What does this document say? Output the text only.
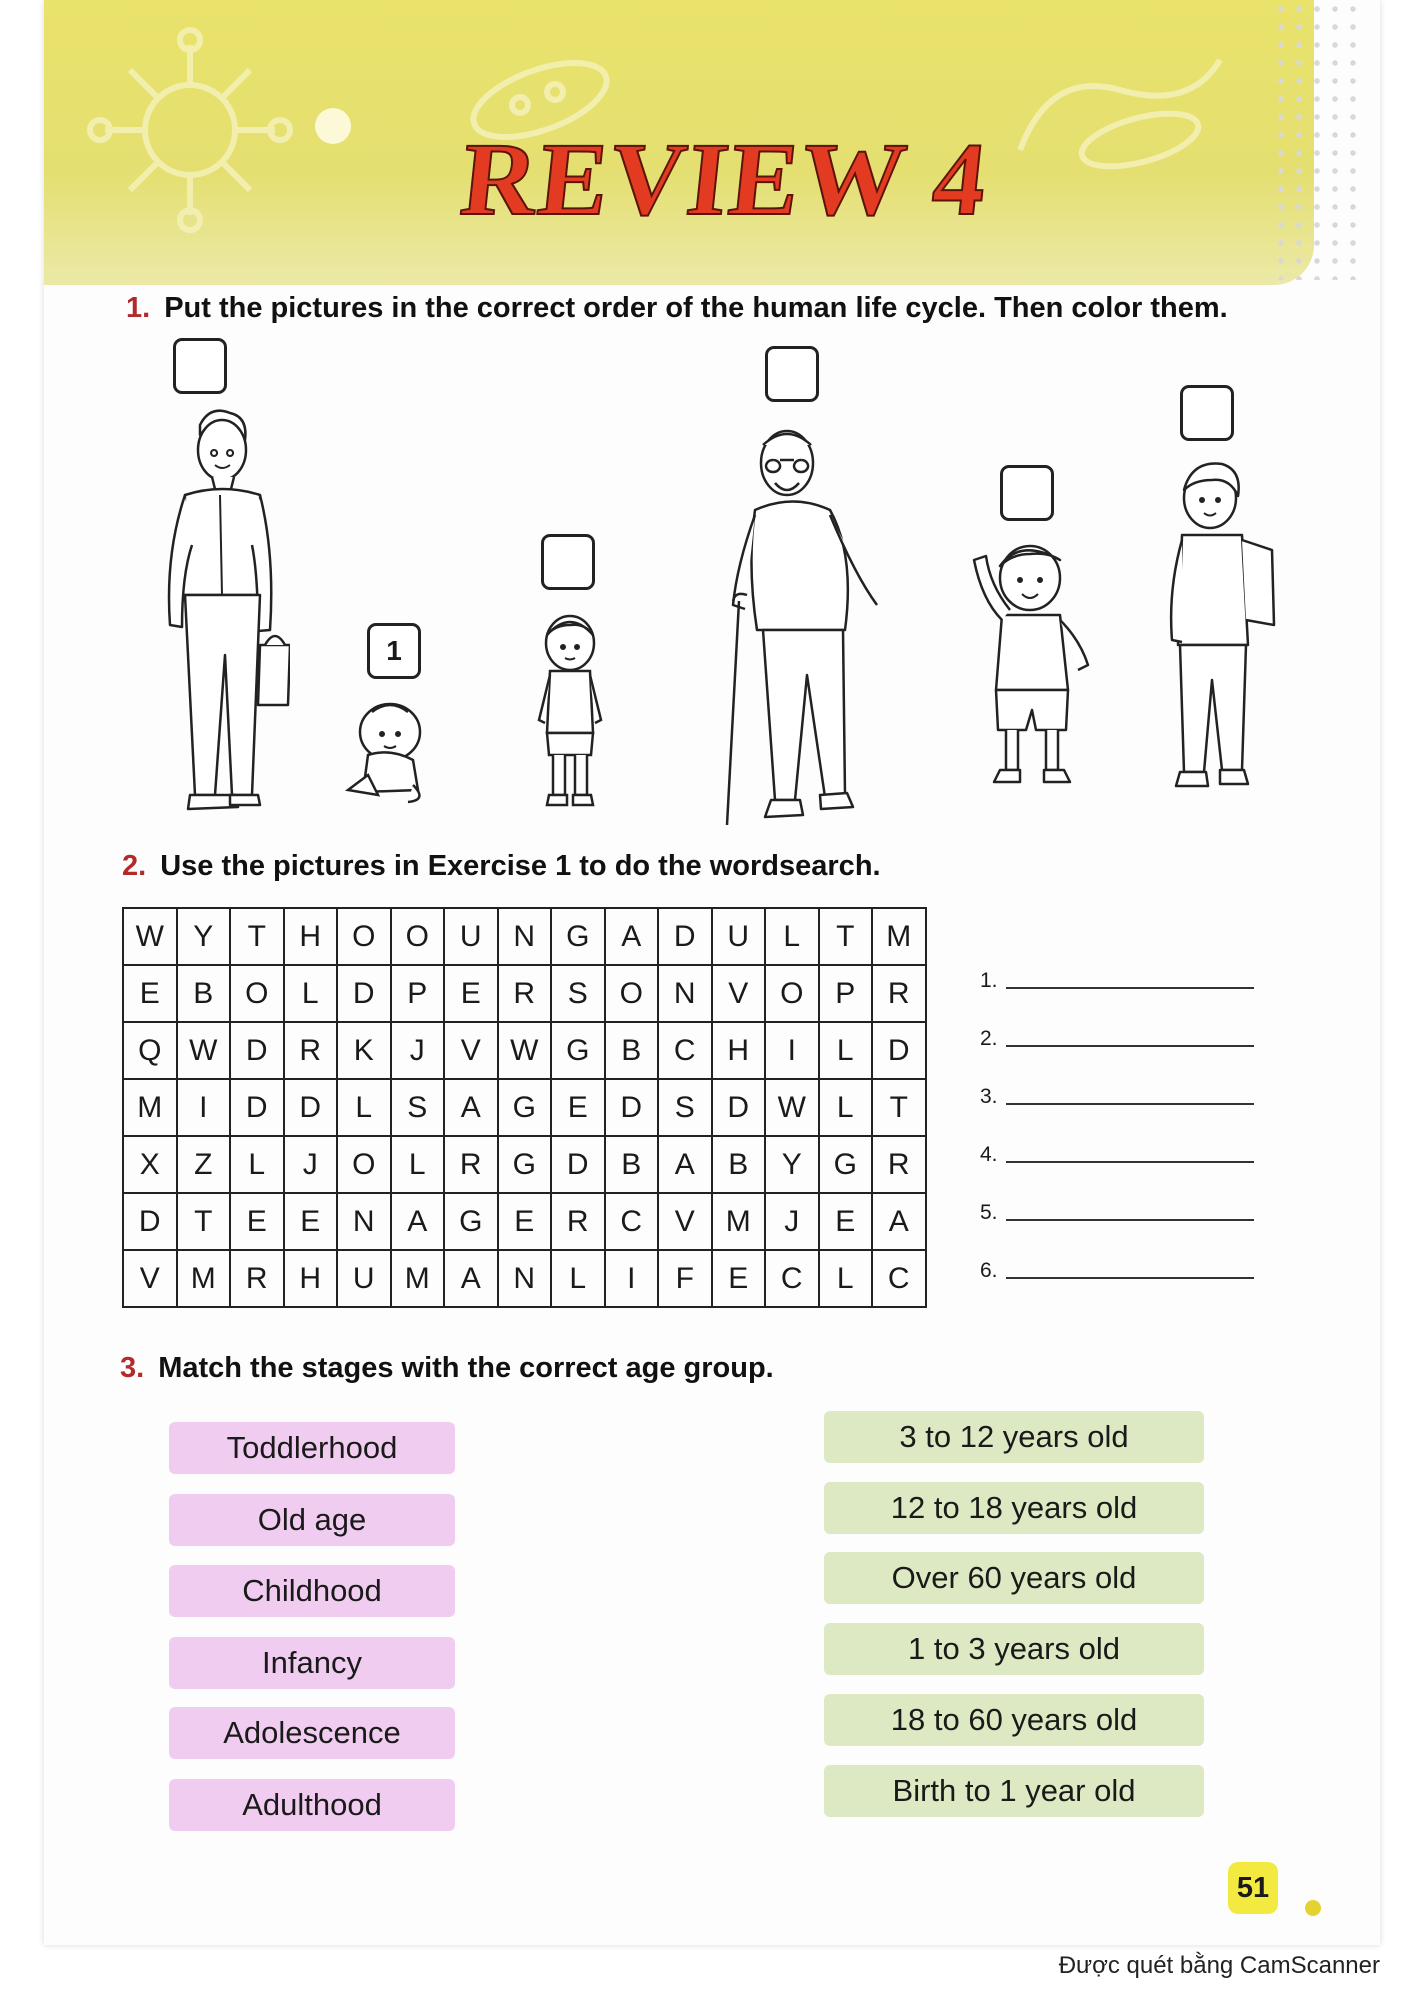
REVIEW 4
1. Put the pictures in the correct order of the human life cycle. Then color them.
1
2. Use the pictures in Exercise 1 to do the wordsearch.
W	Y	T	H	O	O	U	N	G	A	D	U	L	T	M
E	B	O	L	D	P	E	R	S	O	N	V	O	P	R
Q	W	D	R	K	J	V	W	G	B	C	H	I	L	D
M	I	D	D	L	S	A	G	E	D	S	D	W	L	T
X	Z	L	J	O	L	R	G	D	B	A	B	Y	G	R
D	T	E	E	N	A	G	E	R	C	V	M	J	E	A
V	M	R	H	U	M	A	N	L	I	F	E	C	L	C
1.
2.
3.
4.
5.
6.
3. Match the stages with the correct age group.
Toddlerhood
Old age
Childhood
Infancy
Adolescence
Adulthood
3 to 12 years old
12 to 18 years old
Over 60 years old
1 to 3 years old
18 to 60 years old
Birth to 1 year old
51
Được quét bằng CamScanner
